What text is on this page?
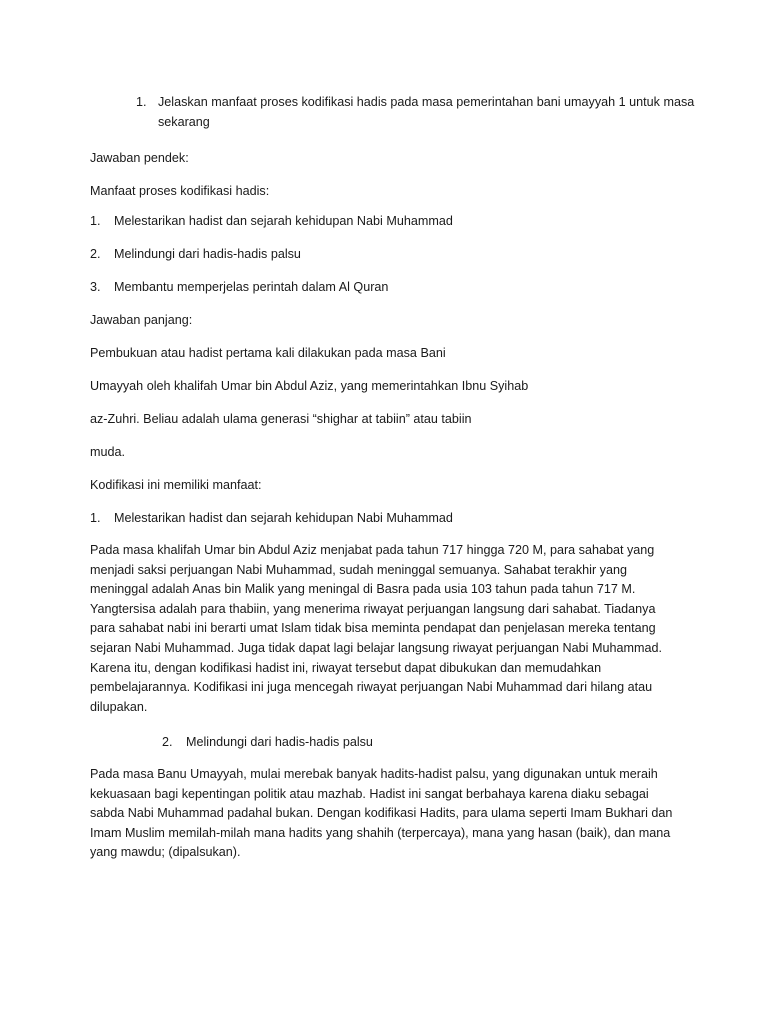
1. Jelaskan manfaat proses kodifikasi hadis pada masa pemerintahan bani umayyah 1 untuk masa sekarang
Jawaban pendek:
Manfaat proses kodifikasi hadis:
1. Melestarikan hadist dan sejarah kehidupan Nabi Muhammad
2. Melindungi dari hadis-hadis palsu
3. Membantu memperjelas perintah dalam Al Quran
Jawaban panjang:
Pembukuan atau hadist pertama kali dilakukan pada masa Bani
Umayyah oleh khalifah Umar bin Abdul Aziz, yang memerintahkan Ibnu Syihab
az-Zuhri. Beliau adalah ulama generasi “shighar at tabiin” atau tabiin
muda.
Kodifikasi ini memiliki manfaat:
1. Melestarikan hadist dan sejarah kehidupan Nabi Muhammad
Pada masa khalifah Umar bin Abdul Aziz menjabat pada tahun 717 hingga 720 M, para sahabat yang menjadi saksi perjuangan Nabi Muhammad, sudah meninggal semuanya. Sahabat terakhir yang meninggal adalah Anas bin Malik yang meningal di Basra pada usia 103 tahun pada tahun 717 M. Yangtersisa adalah para thabiin, yang menerima riwayat perjuangan langsung dari sahabat. Tiadanya para sahabat nabi ini berarti umat Islam tidak bisa meminta pendapat dan penjelasan mereka tentang sejaran Nabi Muhammad. Juga tidak dapat lagi belajar langsung riwayat perjuangan Nabi Muhammad. Karena itu, dengan kodifikasi hadist ini, riwayat tersebut dapat dibukukan dan memudahkan pembelajarannya. Kodifikasi ini juga mencegah riwayat perjuangan Nabi Muhammad dari hilang atau dilupakan.
2. Melindungi dari hadis-hadis palsu
Pada masa Banu Umayyah, mulai merebak banyak hadits-hadist palsu, yang digunakan untuk meraih kekuasaan bagi kepentingan politik atau mazhab. Hadist ini sangat berbahaya karena diaku sebagai sabda Nabi Muhammad padahal bukan. Dengan kodifikasi Hadits, para ulama seperti Imam Bukhari dan Imam Muslim memilah-milah mana hadits yang shahih (terpercaya), mana yang hasan (baik), dan mana yang mawdu; (dipalsukan).
